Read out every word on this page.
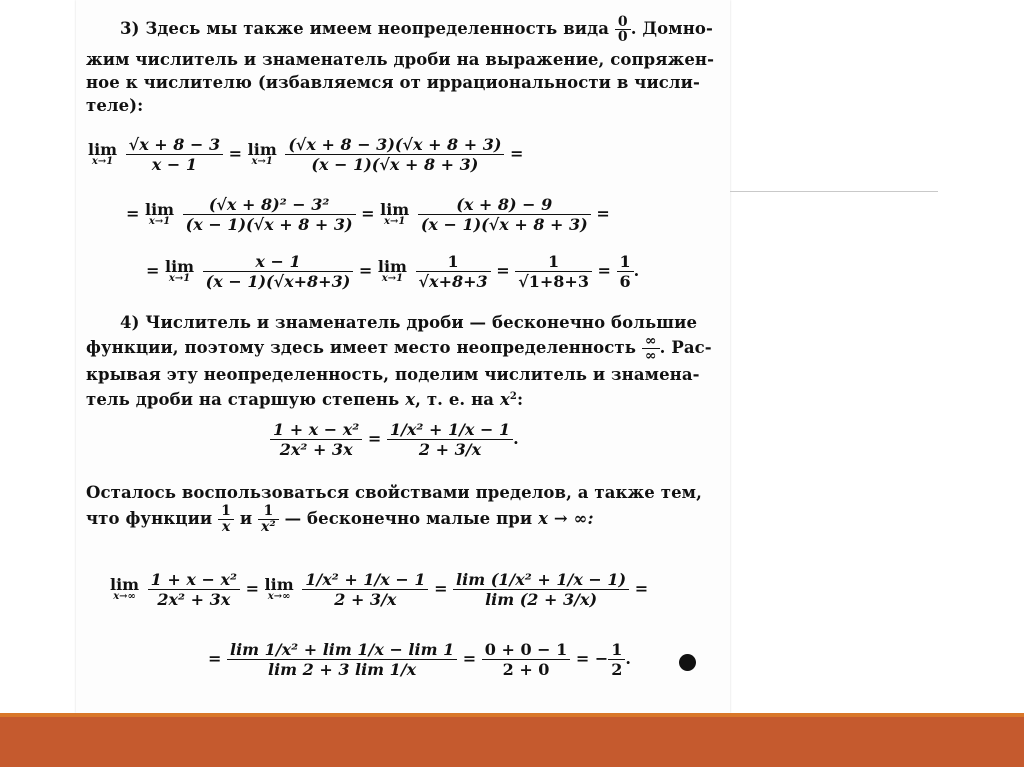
3) Здесь мы также имеем неопределенность вида $\frac{0}{0}$ . Домно-
жим числитель и знаменатель дроби на выражение, сопряжен-
ное к числителю (избавляемся от иррациональности в числи-
теле):
lim
x→1
$\frac{√x + 8 - 3}{x - 1} = \lim$
x→1
$\frac{(√x + 8 - 3)(√x + 8 + 3)}{(x - 1)(√x + 8 + 3)}$ =
= lim
x→1
$\frac{\text{(√x + 8)² − 3²}}{(x - 1)(√x + 8 + 3)} = \lim$
x→1
$\frac{(x + 8) - 9}{(x - 1)(√x + 8 + 3)}$ =
= lim
x→1
$\frac{x - 1}{(x - 1)(√x+8+3)} = \lim$
x→1
$\frac{1}{√x+8+3} = \frac{1}{√1+8+3} = \frac{1}{6}$ .
4) Числитель и знаменатель дроби — бесконечно большие
функции, поэтому здесь имеет место неопределенность $\frac{\infty}{\infty}$ . Рас-
крывая эту неопределенность, поделим числитель и знамена-
тель дроби на старшую степень x, т. е. на $x^2$:
$\frac{\text{1 + x − x²}}{\text{2x² + 3x}} = \frac{\text{1/x² + 1/x − 1}}{2 + 3/x}$ .
Осталось воспользоваться свойствами пределов, а также тем,
что функции $\frac{1}{x}$ и $\frac{1}{\text{x²}}$ — бесконечно малые при x → ∞:
lim
x→∞
$\frac{\text{1 + x − x²}}{\text{2x² + 3x}} = \lim$
x→∞
$\frac{\text{1/x² + 1/x − 1}}{2 + 3/x} = \frac{\text{lim (1/x² + 1/x − 1)}}{\lim (2 + 3/x)}$ =
= $\frac{\text{lim 1/x² + lim 1/x − lim 1}}{\lim 2 + 3 \lim 1/x} = \frac{0 + 0 - 1}{2 + 0}$ = − $\frac{1}{2}$ .
